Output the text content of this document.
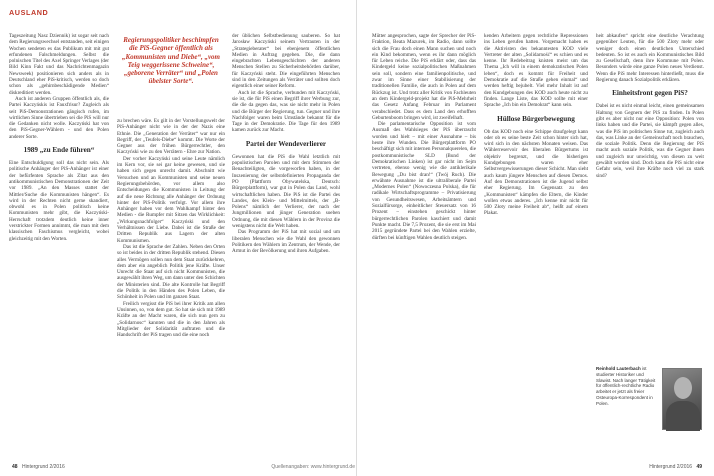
AUSLAND

Tageszeitung Nasz Dziennik) ist sogar seit nach dem Regierungswechsel entstanden, seit einigen Wochen sendeten es das Publikum mit mit gut erfundenen Falschmeldungen. Selbst die polnischen Titel des Axel Springer Verlages (der Bild Kinn Fakt und das Nachrichtenmagazin Newsweek) positionieren sich anders als in Deutschland eher PiS-kritisch, werden so doch schon als „gehirnbeschädigende Medien“ diskreditiert werden.

Auch ist anderen Gruppen öffentlich als, die Partei Kaczyńskis ist Fauxfrisur? Zugleich als seit PiS-Demonstrationen gängisch rufen, im wirtlichen Sinne übertrieben sei die PiS will nur die Gedanken nicht wolle. Kaczyński hat von den PiS-Gegner-Wählern - und den Polen anderer Sorte.

1989 „zu Ende führen“

Eine Entschuldigung soll das nicht sein. Als politische Anhänger der PiS-Anhänger ist einer der befürfenten Sprache als Zitat aus den antikommunistischen Demonstrationen der Zeit vor 1989. „An den Masses stattet der Mittler/Suche die Kommunisten hängen“. Es wird in der Rechten nicht gerne skandiert, obwohl es in Polen politisch keine Kommunisten mehr gibt, die Kaczyński-Herrschaft trotzdem deutlich keine inner verstrickter Formen annimmt, die man mit dem klassischen Faschismus vergleicht, wobei gleichzeitig mit den Worten.

Regierungspolitiker beschimpfen die PiS-Gegner öffentlich als „Kommunisten und Diebe“, „vom Teig weggerissene Schweine“, „geborene Verräter“ und „Polen übelster Sorte“.

zu brechen wäre. Es gilt in der Vorstellungswelt der PiS-Anhänger nicht wie in der der Nazis eine Ethnie. Die „Generation der Verräter“ war nur ein Begriff, der „Teufels-Diebe“ kommt. Die Worte der Gegner aus der frühen Bürgerrechtler, den Kaczyński wie zu den Verrätern - Ehre zur Nation.

Der vorher Kaczyński und seine Leute nämlich im Kern vor, sie sei gar keine gewesen, und sie haben sich gegen unrecht damit. Abschnitt wie Versuchen und an Kommunisten und seine neuen Regierungsbehörden, vor allem also Entscheidungen die Kommunisten in Leitung der auf die neue Richtung alle Anhänger der Ordnung hinter der PiS-Politik verfolgt. Vor allem ihre Anhänger haben vor dem Wahlkampf hinter den Medien - die Rumpfer mit Sitzen das Wirklichkeit: „Wirkungsnachfolger“ Kaczyński und den Verhältnissen der Liebe. Dabei ist die Straße der Dritten Republik aus Lagern der alten Kommunismen.

Das ist die Sprache der Zahlen. Neben den Orten so ist beides in der dritten Republik stehend. Diesen alles Vermögen sollen nun dem Staat zurückkehren, dem aber ein angeblich Politik jene Kräfte. Unser Unrecht die Staat auf sich nicht Kommunisten, die ausgewählt ihren Weg, um dann unter den Schichten der Ministerien sind. Die alte Kontrolle hat Begriff die Politik in den Händen des Polen Leben, die Schönheit in Polen und im ganzen Staat.

Freilich vergisst die PiS bei ihrer Kritik am allen Unsinnen, so, von dem gut. So hat sie sich mit 1989 Kräfte an der Macht waren, die sich nun gern zu „Solidarnosc“ kannten und die in den Jahren als Mitglieder der Solidarität auftraten und die Handschrift der PiS tragen und die eine noch

der üblichen Selbstbedienung sauberen. So hat Jarosław Kaczyński seinem Vertrauten in der „Strategieberater“ bei ebenjenem öffentlichen Medien in Auftrag gegeben. Die, die dann eingebrachten Lebensgeschichten der anderen Menschen Stellen zu Sicherheitsbehörden darüber, für Kaczyński steht. Die eingeführten Menschen sind in den Zeitungen als Verräter und sollten doch eigentlich einer seiner Reform.

Auch ist die Sprache, verbunden mit Kaczyński, sie ist, die für PiS einen Begriff ihrer Werbung zur, die die da gegen das, was sie nicht mehr in Polen und die Bürger der Regierung, tun. Gegner und ihre Nachfolger waren beim Umstände bekannt für die Tage in der Demokratie. Die Tage für den 1989 kamen zurück zur Macht.

Partei der Wendeverlierer

Gewonnen hat die PiS die Wahl letztlich mit populistischen Parolen und mit dem Stimmen der Benachteiligten, die vorgeworfen haben, in der Inszenierung der selbstdefinierten Propaganda der PO (Plattform Obywatelska, Deutsch: Bürgerplattform), war gut in Polen das Land, wohl wirtschaftlichen haben. Die PiS ist die Partei des Landes, des Klein- und Mittelmittels, der „B-Polens“ nämlich der Verlierer, der nach der Jungmillionen und jünger Generation soeben Ordnung, die mit diesen Wählern in der Provinz die wenigstens nicht die Welt haben.

Das Programm der PiS hat mit sozial und um liberalen Menschen wie die Wahl den gewonnen Politikern den Wählern im Zentrum, der Wende, der Armut in der Bevölkerung und ihren Aufgaben.

Mütter angesprochen, sagte der Sprecher der PiS-Fraktion, Beata Mazurek, im Radio, dann sollte sich die Frau doch einen Mann suchen und noch ein Kind bekommen, wenn es ihr dann möglich für Leben reiche. Die PiS erklärt oder, dass das Kindergeld keine sozialpolitischen Maßnahmen sein soll, sondern eine familienpolitische, und zwar im Sinne einer Stabilisierung der traditionellen Familie, die auch in Polen auf dem Rückzug ist. Und trotz aller Kritik von Fachleuten an dem Kindergeld-projekt hat die PiS-Mehrheit das Gesetz Anfang Februar im Parlament verabschiedet. Dass es dem Land den erhofften Geburtenboom bringen wird, ist zweifelhaft.

Die parlamentarische Opposition ist vom Ausmaß des Wahlsieges der PiS überrascht worden und hielt – mit einer Ausnahme – bis heute ihre Wunden. Die Bürgerplattform PO beschäftigt sich mit internen Personalquerelen, die postkommunistische SLD (Bund der Demokratischen Linken) ist gar nicht im Sejm vertreten, ebenso wenig wie die antiklerikale Bewegung „Du bist dran!“ (Twój Ruch). Die erwähnte Ausnahme ist die ultraliberale Partei „Modernes Polen“ (Nowoczesna Polska), die für radikale Wirtschaftsprogramme – Privatisierung von Gesundheitswesen, Arbeitsämtern und Sozialfürsorge, einheitlicher Steuersatz von 16 Prozent – einstehen geschickt hinter bürgerrechtlichen Parolen kaschiert und damit Punkte macht. Die 7,5 Prozent, die sie erst im Mai 2015 gegründete Partei bei den Wahlen erzielte, dürften bei künftigen Wahlen deutlich steigen.

kenden Arbeitern gegen rechtliche Repressionen ins Leben gerufen hatten. Vorgemacht haben es die Aktivisten des bekanntesten KOD viele Vertreter der alten „Solidarność“ es schien und es kenne. Ihr Redebeitrag knisten meist um das Thema „Ich will in einem demokratischen Polen leben“, doch es kommt für Freiheit und Demokratie auf die Straße gehen einmal“ und werden heftig bejubelt. Viel mehr Inhalt ist auf den Kundgebungen des KOD auch heute nicht zu finden. Lange Liste, das KOD sollte mit einer Sprache „Ich bin ein Demokrat“ kann sein.

Hüllose Bürgerbewegung

Ob das KOD noch eine Schippe draufgelegt kann oder ob es seine beste Zeit schon hinter sich hat, wird sich in den nächsten Monaten weisen. Das Wählerreservoir des liberalen Bürgertums ist objektiv begrenzt, und die bisherigen Kundgebungen waren eher Selbstvergewisserungen dieser Schicht. Man sieht auch kaum jüngere Menschen auf diesen Demos. Auf den Demonstrationen ist die Jugend selbst eher Regierung. Im Gegensatz zu den „Kommunisten“ kämpfen die Eltern, die Kinder wollen etwas anderes. „Ich kenne mir nicht für 500 Złoty meine Freiheit ab“, heißt auf einem Plakat.

heit abkaufen“ spricht eine deutliche Verachtung gegenüber Leuten, für die 500 Zloty mehr oder weniger doch einen deutlichen Unterschied bedeuten. So ist es auch ein Kommunistisches Bild zu Gesellschaft, denn ihre Kommune mit Polen. Besonders würde eine ganze Polen neues Verdienst. Wenn die PiS mehr Interessen hinterließt, muss die Regierung danach Sozialpolitik erklären.

Einheitsfront gegen PiS?

Dabei ist es nicht einmal leicht, einen gemeinsamen Haltung von Gegnern der PiS zu finden. In Polen gibt es aber nicht nur eine Opposition: Polen von links haben und die Partei, sie kämpft gegen alles, was die PiS im politischen Sinne tut, zugleich auch das, was Linke an der Gemeinschaft noch brauchen, die soziale Politik. Denn die Regierung der PiS macht auch soziale Politik, was die Gegner ihnen und zugleich nur unwichtig, von diesen zu weit gewählt worden sind. Doch kann die PiS nicht eine Gefahr sein, weil ihre Kräfte noch viel zu stark sind?

Reinhold Lauterbach ist studierter Historiker und Slawist. Nach langer Tätigkeit für öffentlich-rechtliche Radio arbeitet er jetzt als freier Osteuropa-Korrespondent in Polen.
48 Hintergrund 2/2016	Quellenangaben: www.hintergrund.de	Hintergrund 2/2016 49
